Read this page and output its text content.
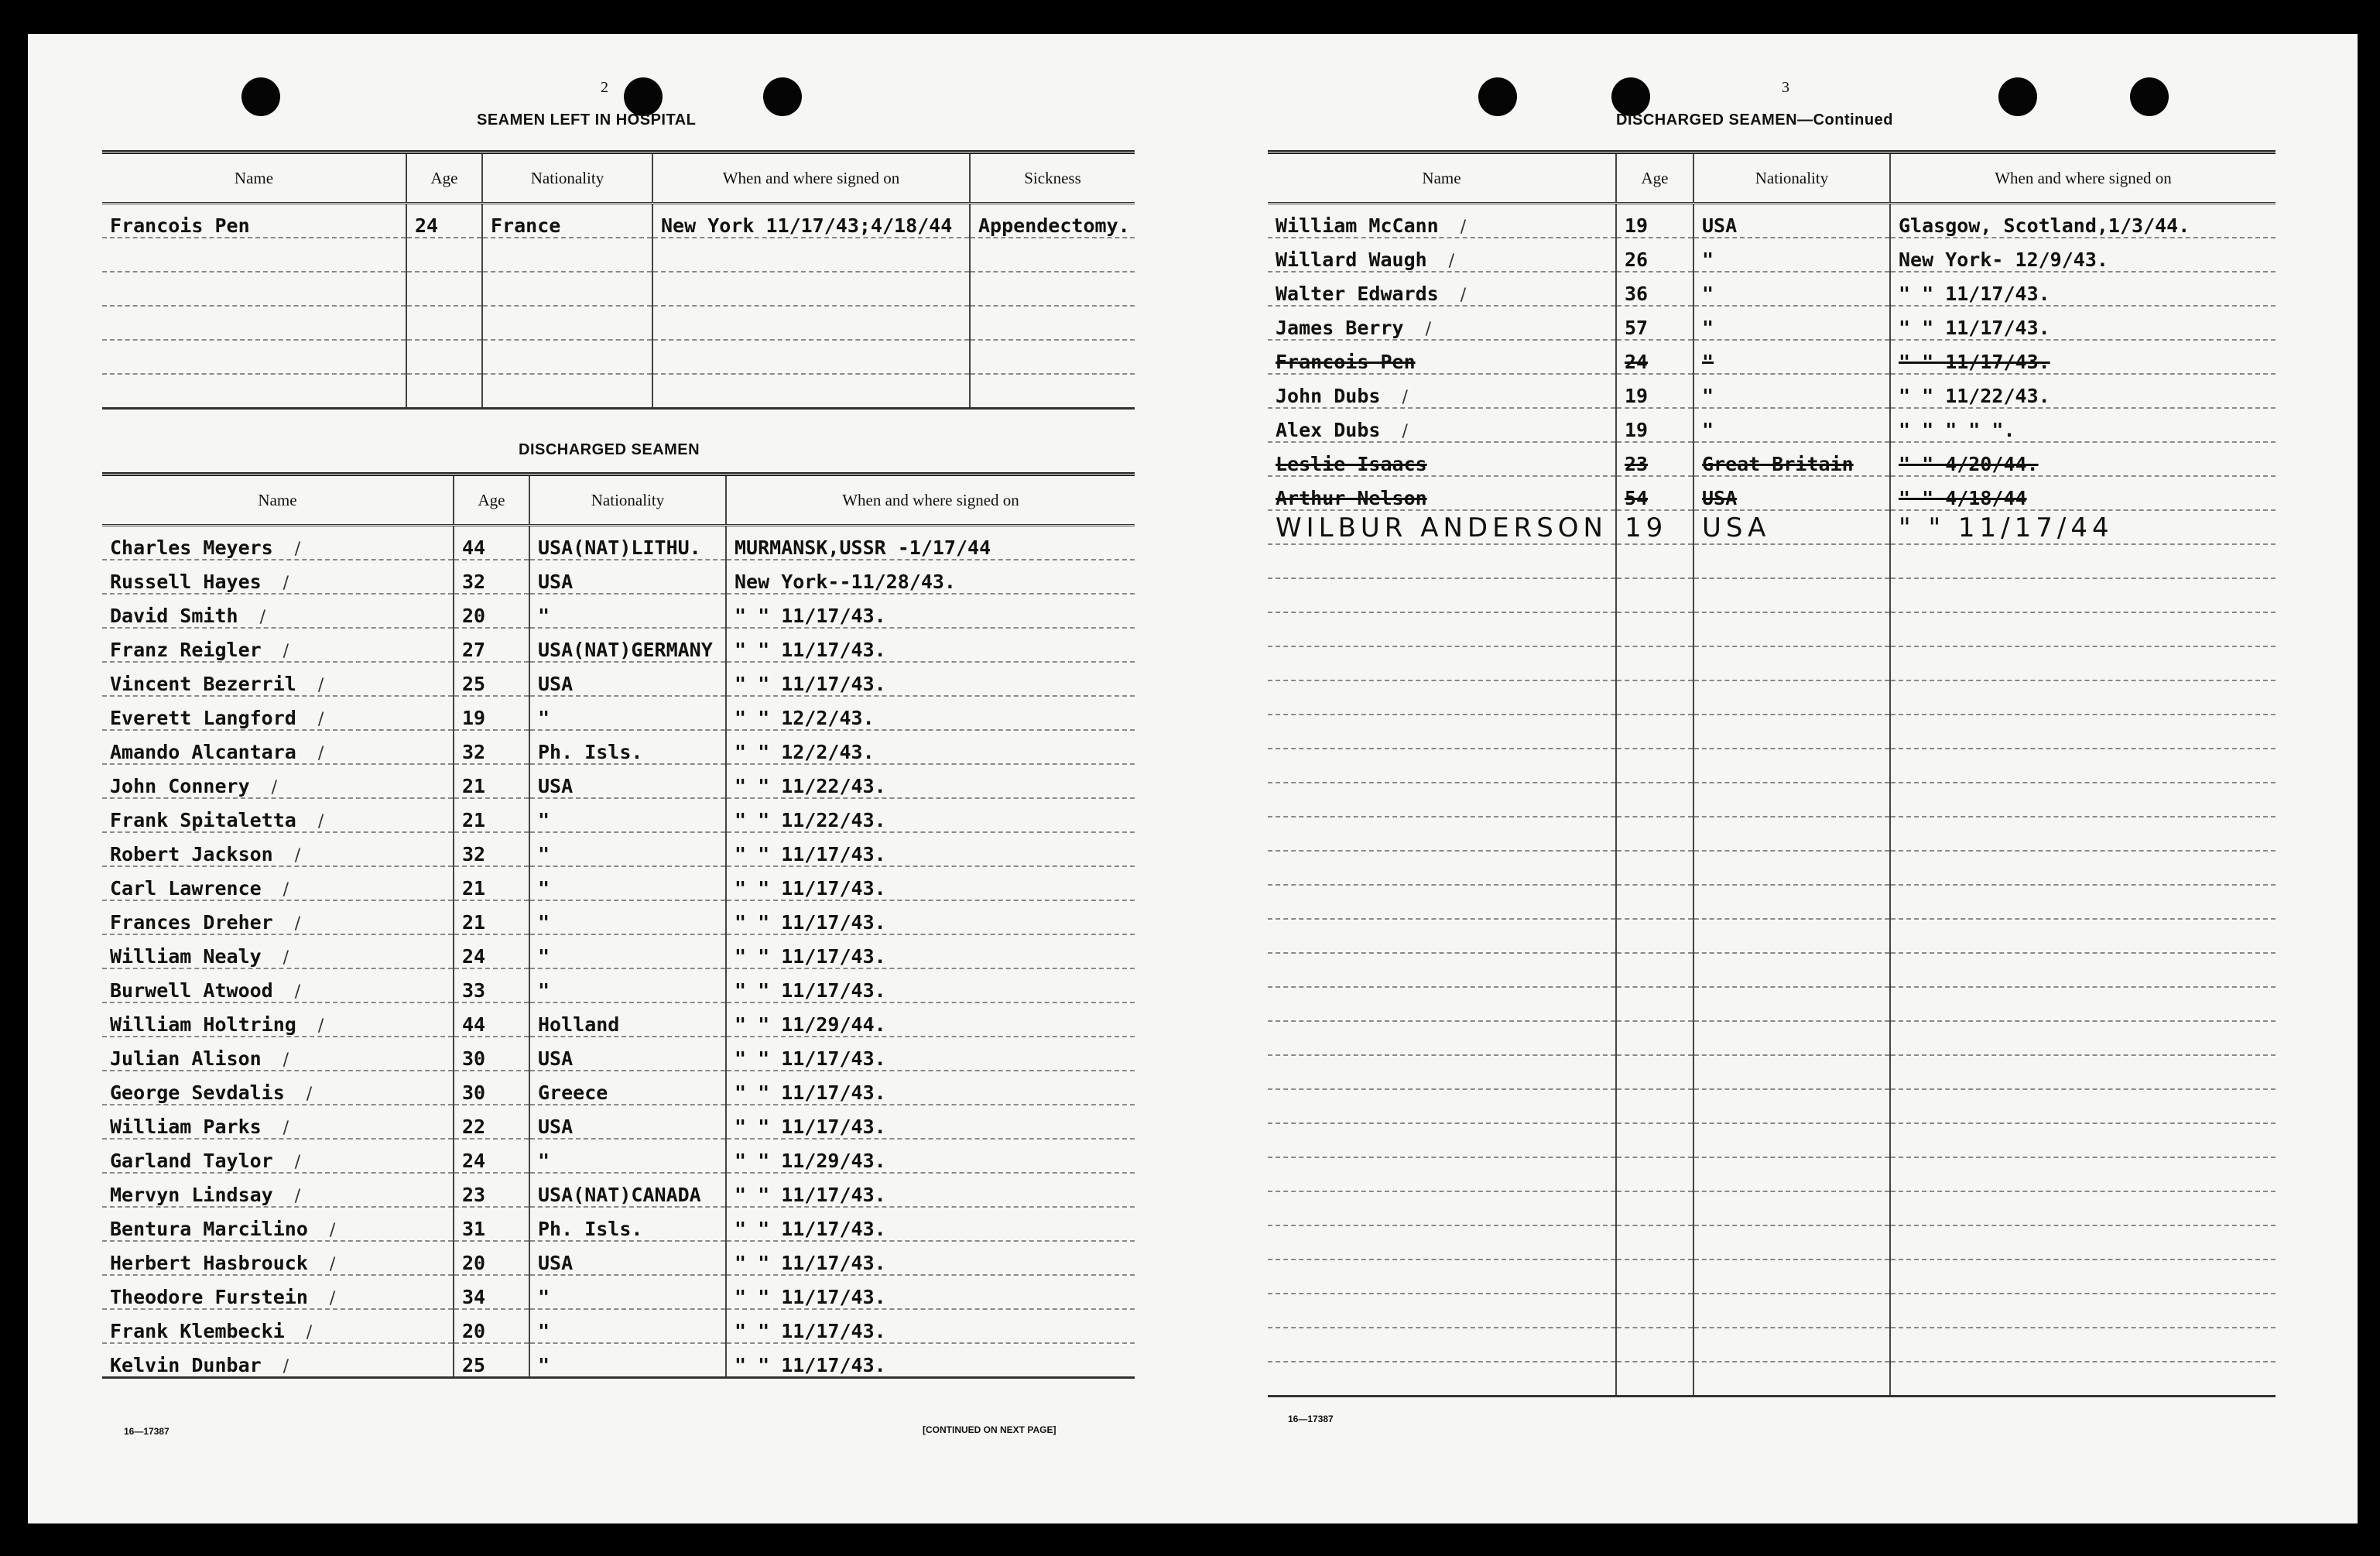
2
SEAMEN LEFT IN HOSPITAL
Name	Age	Nationality	When and where signed on	Sickness
Francois Pen	24	France	New York 11/17/43;4/18/44	Appendectomy.

DISCHARGED SEAMEN
Name	Age	Nationality	When and where signed on
Charles Meyers /	44	USA(NAT)LITHU.	MURMANSK,USSR -1/17/44
Russell Hayes /	32	USA	New York--11/28/43.
David Smith /	20	"	" " 11/17/43.
Franz Reigler /	27	USA(NAT)GERMANY	" " 11/17/43.
Vincent Bezerril /	25	USA	" " 11/17/43.
Everett Langford /	19	"	" " 12/2/43.
Amando Alcantara /	32	Ph. Isls.	" " 12/2/43.
John Connery /	21	USA	" " 11/22/43.
Frank Spitaletta /	21	"	" " 11/22/43.
Robert Jackson /	32	"	" " 11/17/43.
Carl Lawrence /	21	"	" " 11/17/43.
Frances Dreher /	21	"	" " 11/17/43.
William Nealy /	24	"	" " 11/17/43.
Burwell Atwood /	33	"	" " 11/17/43.
William Holtring /	44	Holland	" " 11/29/44.
Julian Alison /	30	USA	" " 11/17/43.
George Sevdalis /	30	Greece	" " 11/17/43.
William Parks /	22	USA	" " 11/17/43.
Garland Taylor /	24	"	" " 11/29/43.
Mervyn Lindsay /	23	USA(NAT)CANADA	" " 11/17/43.
Bentura Marcilino /	31	Ph. Isls.	" " 11/17/43.
Herbert Hasbrouck /	20	USA	" " 11/17/43.
Theodore Furstein /	34	"	" " 11/17/43.
Frank Klembecki /	20	"	" " 11/17/43.
Kelvin Dunbar /	25	"	" " 11/17/43.
16—17387	[CONTINUED ON NEXT PAGE]
3
DISCHARGED SEAMEN—Continued
Name	Age	Nationality	When and where signed on
William McCann /	19	USA	Glasgow, Scotland,1/3/44.
Willard Waugh /	26	"	New York- 12/9/43.
Walter Edwards /	36	"	" " 11/17/43.
James Berry /	57	"	" " 11/17/43.
Francois Pen	24	"	" " 11/17/43.
John Dubs /	19	"	" " 11/22/43.
Alex Dubs /	19	"	" " " " ".
Leslie Isaacs	23	Great Britain	" " 4/20/44.
Arthur Nelson	54	USA	" " 4/18/44
WILBUR ANDERSON	19	USA	" " 11/17/44

16—17387
